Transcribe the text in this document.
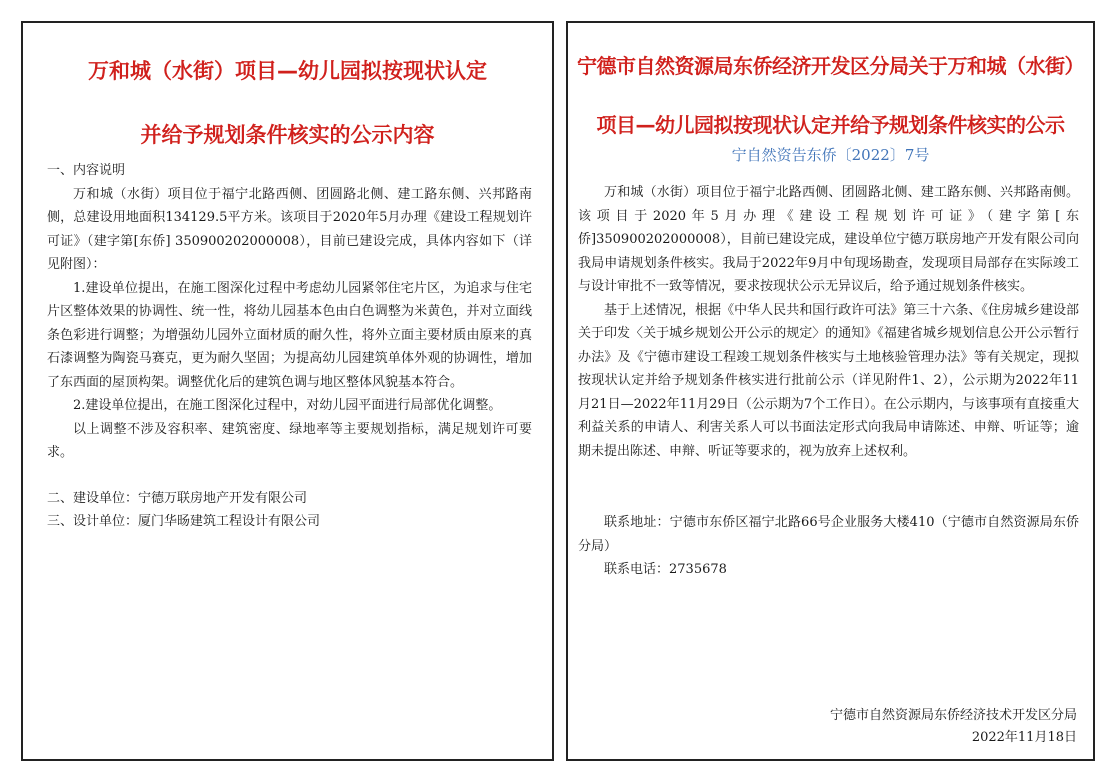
万和城（水街）项目—幼儿园拟按现状认定

并给予规划条件核实的公示内容

一、内容说明

万和城（水街）项目位于福宁北路西侧、团圆路北侧、建工路东侧、兴邦路南侧，总建设用地面积134129.5平方米。该项目于2020年5月办理《建设工程规划许可证》（建字第[东侨] 350900202000008），目前已建设完成，具体内容如下（详见附图）：

1.建设单位提出，在施工图深化过程中考虑幼儿园紧邻住宅片区，为追求与住宅片区整体效果的协调性、统一性，将幼儿园基本色由白色调整为米黄色，并对立面线条色彩进行调整；为增强幼儿园外立面材质的耐久性，将外立面主要材质由原来的真石漆调整为陶瓷马赛克，更为耐久坚固；为提高幼儿园建筑单体外观的协调性，增加了东西面的屋顶构架。调整优化后的建筑色调与地区整体风貌基本符合。

2.建设单位提出，在施工图深化过程中，对幼儿园平面进行局部优化调整。

以上调整不涉及容积率、建筑密度、绿地率等主要规划指标，满足规划许可要求。

二、建设单位：宁德万联房地产开发有限公司

三、设计单位：厦门华旸建筑工程设计有限公司

宁德市自然资源局东侨经济开发区分局关于万和城（水街）

项目—幼儿园拟按现状认定并给予规划条件核实的公示

宁自然资告东侨〔2022〕7号

万和城（水街）项目位于福宁北路西侧、团圆路北侧、建工路东侧、兴邦路南侧。该项目于2020年5月办理《建设工程规划许可证》（建字第[东侨]350900202000008），目前已建设完成，建设单位宁德万联房地产开发有限公司向我局申请规划条件核实。我局于2022年9月中旬现场勘查，发现项目局部存在实际竣工与设计审批不一致等情况，要求按现状公示无异议后，给予通过规划条件核实。

基于上述情况，根据《中华人民共和国行政许可法》第三十六条、《住房城乡建设部关于印发〈关于城乡规划公开公示的规定〉的通知》《福建省城乡规划信息公开公示暂行办法》及《宁德市建设工程竣工规划条件核实与土地核验管理办法》等有关规定，现拟按现状认定并给予规划条件核实进行批前公示（详见附件1、2），公示期为2022年11月21日—2022年11月29日（公示期为7个工作日）。在公示期内，与该事项有直接重大利益关系的申请人、利害关系人可以书面法定形式向我局申请陈述、申辩、听证等；逾期未提出陈述、申辩、听证等要求的，视为放弃上述权利。

联系地址：宁德市东侨区福宁北路66号企业服务大楼410（宁德市自然资源局东侨分局）

联系电话：2735678

宁德市自然资源局东侨经济技术开发区分局
2022年11月18日
